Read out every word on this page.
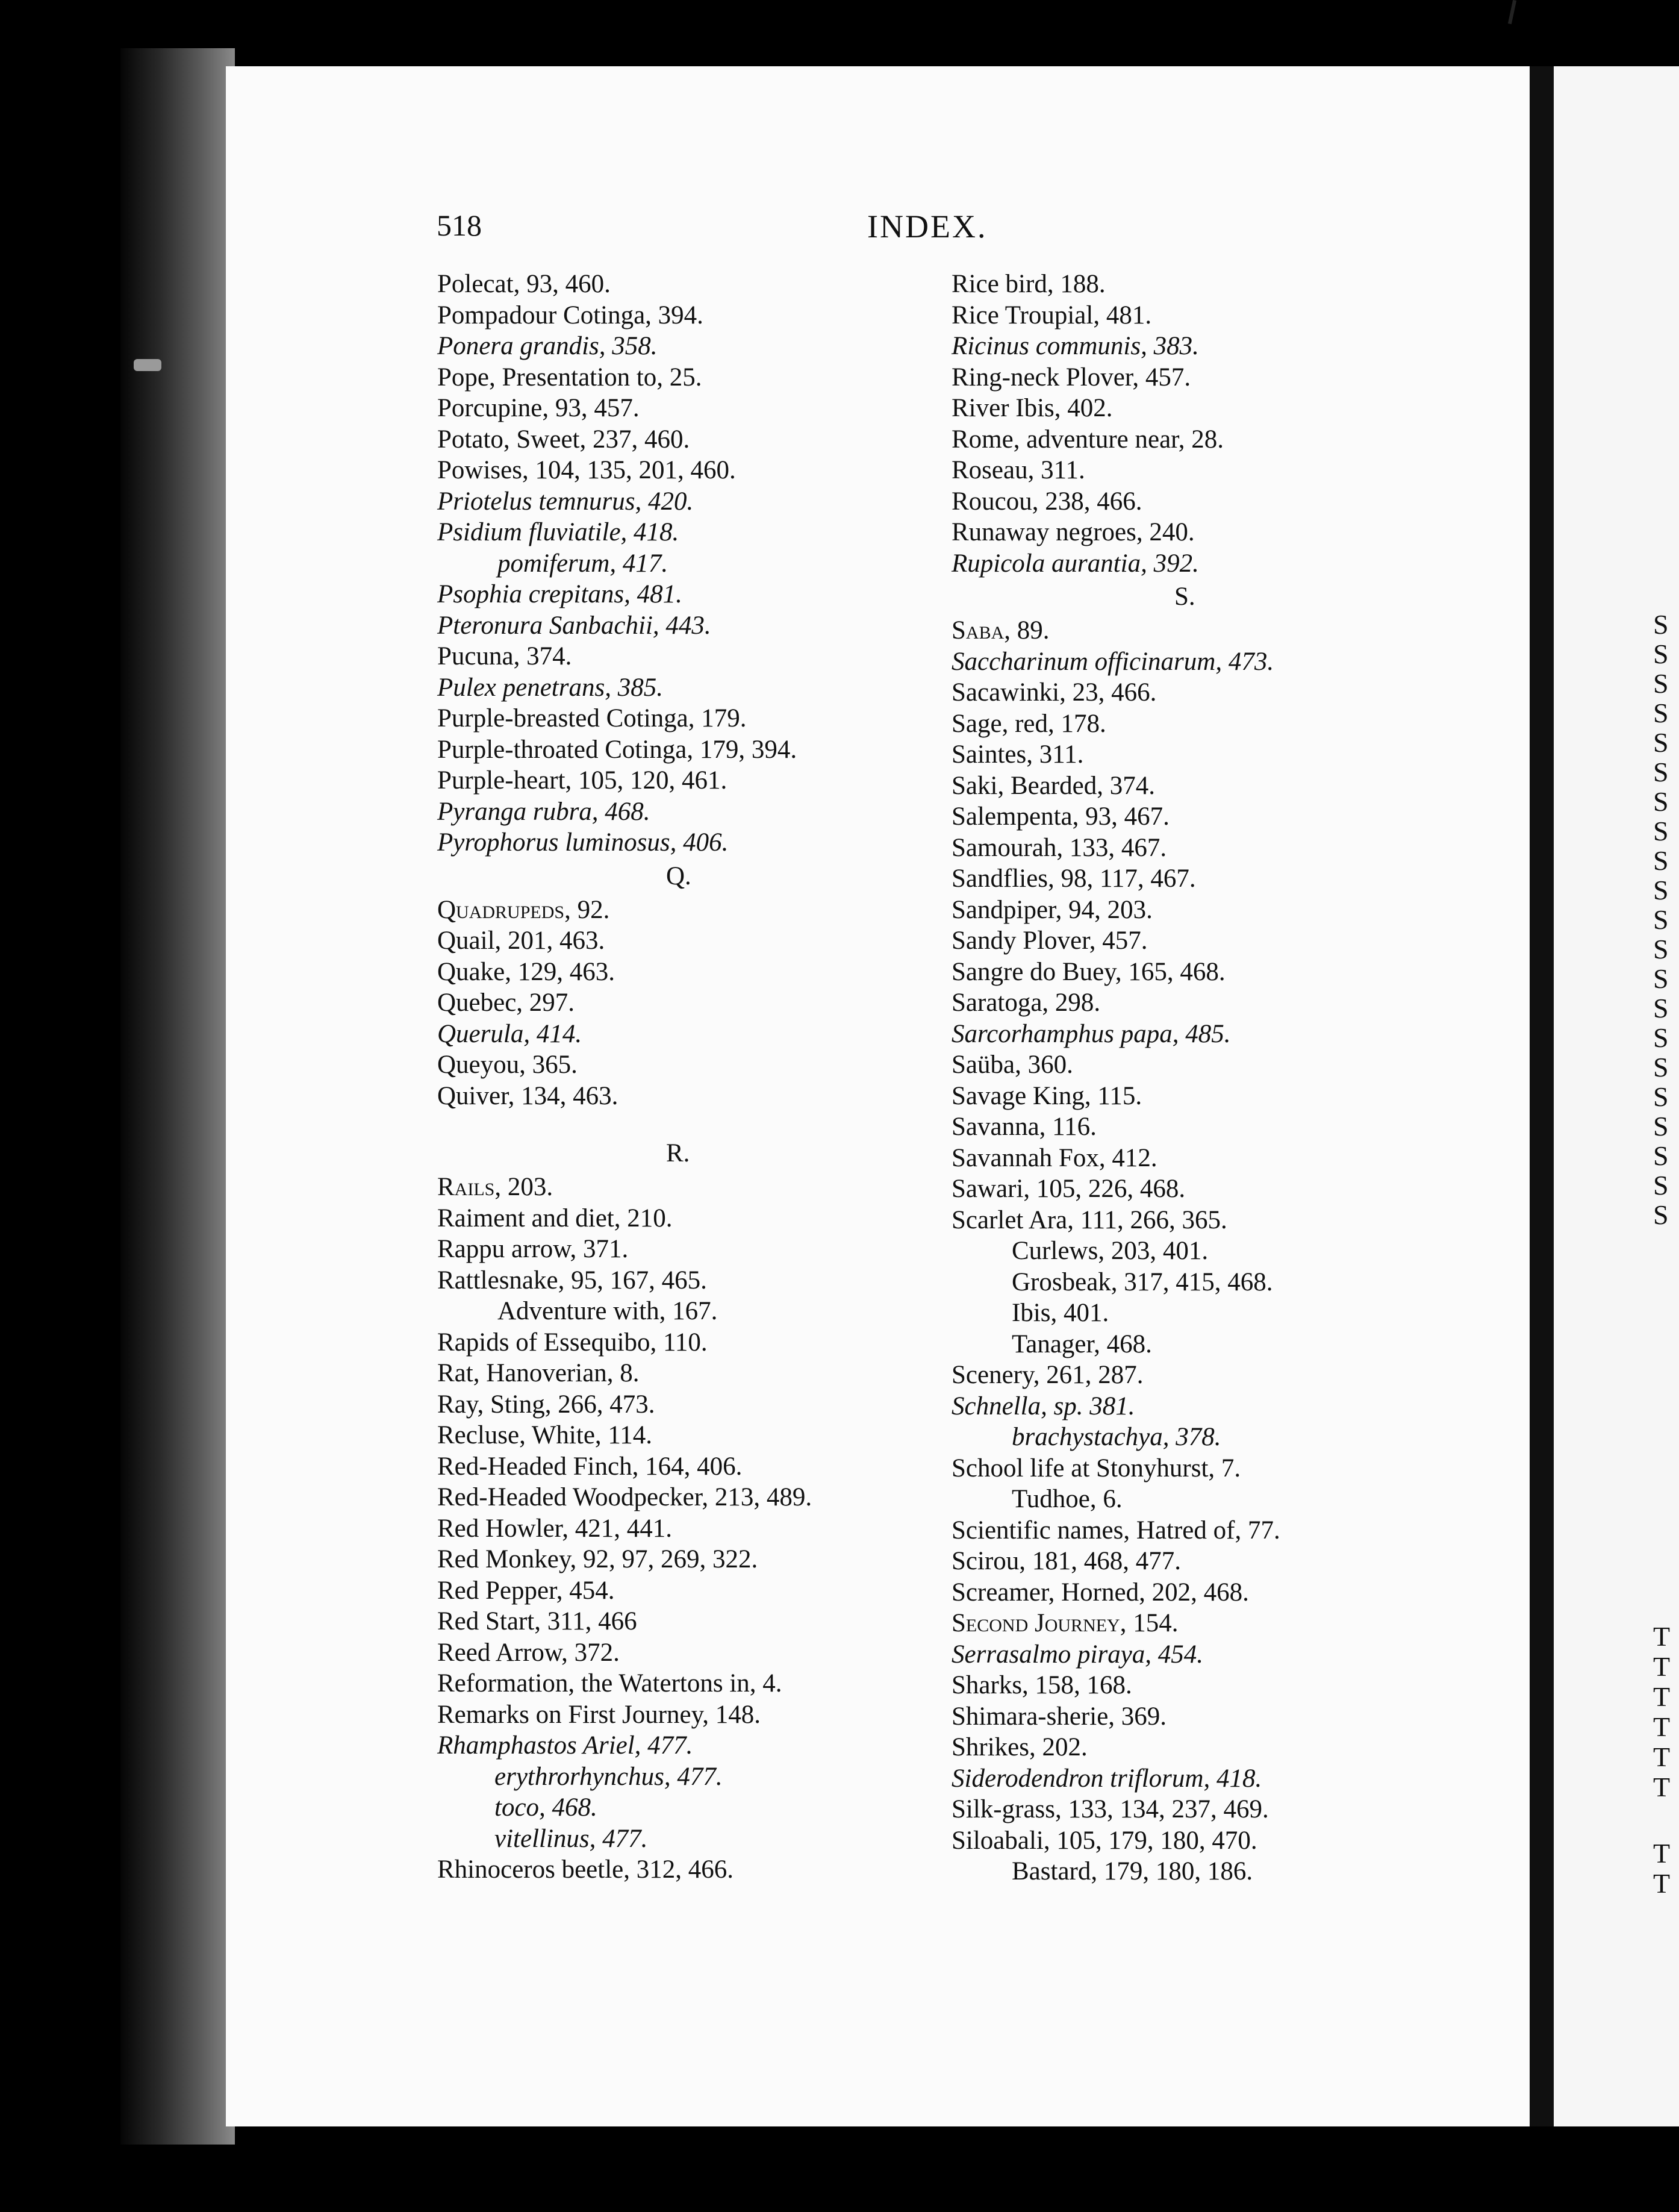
S
S
S
S
S
S
S
S
S
S
S
S
S
S
S
S
S
S
S
S
S
T
T
T
T
T
T
T
T
518	INDEX.
Polecat, 93, 460.
Pompadour Cotinga, 394.
Ponera grandis, 358.
Pope, Presentation to, 25.
Porcupine, 93, 457.
Potato, Sweet, 237, 460.
Powises, 104, 135, 201, 460.
Priotelus temnurus, 420.
Psidium fluviatile, 418.
pomiferum, 417.
Psophia crepitans, 481.
Pteronura Sanbachii, 443.
Pucuna, 374.
Pulex penetrans, 385.
Purple-breasted Cotinga, 179.
Purple-throated Cotinga, 179, 394.
Purple-heart, 105, 120, 461.
Pyranga rubra, 468.
Pyrophorus luminosus, 406.
Q.
Quadrupeds, 92.
Quail, 201, 463.
Quake, 129, 463.
Quebec, 297.
Querula, 414.
Queyou, 365.
Quiver, 134, 463.
R.
Rails, 203.
Raiment and diet, 210.
Rappu arrow, 371.
Rattlesnake, 95, 167, 465.
Adventure with, 167.
Rapids of Essequibo, 110.
Rat, Hanoverian, 8.
Ray, Sting, 266, 473.
Recluse, White, 114.
Red-Headed Finch, 164, 406.
Red-Headed Woodpecker, 213, 489.
Red Howler, 421, 441.
Red Monkey, 92, 97, 269, 322.
Red Pepper, 454.
Red Start, 311, 466
Reed Arrow, 372.
Reformation, the Watertons in, 4.
Remarks on First Journey, 148.
Rhamphastos Ariel, 477.
erythrorhynchus, 477.
toco, 468.
vitellinus, 477.
Rhinoceros beetle, 312, 466.
Rice bird, 188.
Rice Troupial, 481.
Ricinus communis, 383.
Ring-neck Plover, 457.
River Ibis, 402.
Rome, adventure near, 28.
Roseau, 311.
Roucou, 238, 466.
Runaway negroes, 240.
Rupicola aurantia, 392.
S.
Saba, 89.
Saccharinum officinarum, 473.
Sacawinki, 23, 466.
Sage, red, 178.
Saintes, 311.
Saki, Bearded, 374.
Salempenta, 93, 467.
Samourah, 133, 467.
Sandflies, 98, 117, 467.
Sandpiper, 94, 203.
Sandy Plover, 457.
Sangre do Buey, 165, 468.
Saratoga, 298.
Sarcorhamphus papa, 485.
Saüba, 360.
Savage King, 115.
Savanna, 116.
Savannah Fox, 412.
Sawari, 105, 226, 468.
Scarlet Ara, 111, 266, 365.
Curlews, 203, 401.
Grosbeak, 317, 415, 468.
Ibis, 401.
Tanager, 468.
Scenery, 261, 287.
Schnella, sp. 381.
brachystachya, 378.
School life at Stonyhurst, 7.
Tudhoe, 6.
Scientific names, Hatred of, 77.
Scirou, 181, 468, 477.
Screamer, Horned, 202, 468.
Second Journey, 154.
Serrasalmo piraya, 454.
Sharks, 158, 168.
Shimara-sherie, 369.
Shrikes, 202.
Siderodendron triflorum, 418.
Silk-grass, 133, 134, 237, 469.
Siloabali, 105, 179, 180, 470.
Bastard, 179, 180, 186.
